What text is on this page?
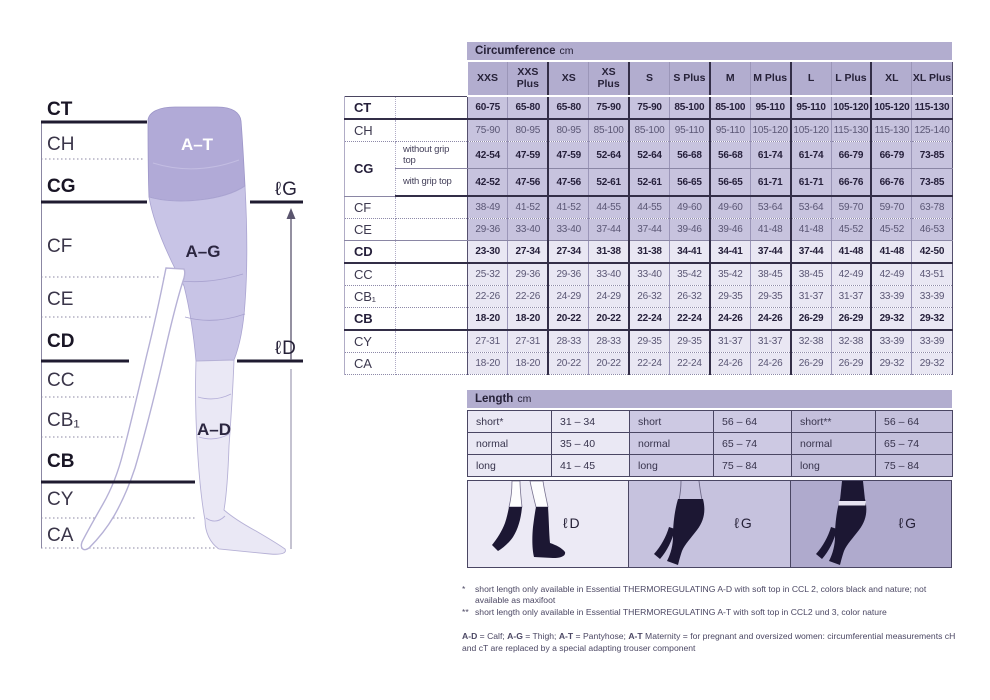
CT
CH
CG
CF
CE
CD
CC
CB₁
CB
CY
CA
A–T
A–G
A–D
ℓG
ℓD
Circumference cm
		XXS	XXS Plus	XS	XS Plus	S	S Plus	M	M Plus	L	L Plus	XL	XL Plus
CT		60-75	65-80	65-80	75-90	75-90	85-100	85-100	95-110	95-110	105-120	105-120	115-130
CH		75-90	80-95	80-95	85-100	85-100	95-110	95-110	105-120	105-120	115-130	115-130	125-140
CG	without grip top	42-54	47-59	47-59	52-64	52-64	56-68	56-68	61-74	61-74	66-79	66-79	73-85
	with grip top	42-52	47-56	47-56	52-61	52-61	56-65	56-65	61-71	61-71	66-76	66-76	73-85
CF		38-49	41-52	41-52	44-55	44-55	49-60	49-60	53-64	53-64	59-70	59-70	63-78
CE		29-36	33-40	33-40	37-44	37-44	39-46	39-46	41-48	41-48	45-52	45-52	46-53
CD		23-30	27-34	27-34	31-38	31-38	34-41	34-41	37-44	37-44	41-48	41-48	42-50
CC		25-32	29-36	29-36	33-40	33-40	35-42	35-42	38-45	38-45	42-49	42-49	43-51
CB₁		22-26	22-26	24-29	24-29	26-32	26-32	29-35	29-35	31-37	31-37	33-39	33-39
CB		18-20	18-20	20-22	20-22	22-24	22-24	24-26	24-26	26-29	26-29	29-32	29-32
CY		27-31	27-31	28-33	28-33	29-35	29-35	31-37	31-37	32-38	32-38	33-39	33-39
CA		18-20	18-20	20-22	20-22	22-24	22-24	24-26	24-26	26-29	26-29	29-32	29-32
Length cm
short*	31 – 34	short	56 – 64	short**	56 – 64
normal	35 – 40	normal	65 – 74	normal	65 – 74
long	41 – 45	long	75 – 84	long	75 – 84
ℓD	ℓG	ℓG
*	short length only available in Essential THERMOREGULATING A-D with soft top in CCL 2, colors black and nature; not available as maxifoot
** short length only available in Essential THERMOREGULATING A-T with soft top in CCL2 und 3, color nature
A-D = Calf; A-G = Thigh; A-T = Pantyhose; A-T Maternity = for pregnant and oversized women: circumferential measurements cH and cT are replaced by a special adapting trouser component
